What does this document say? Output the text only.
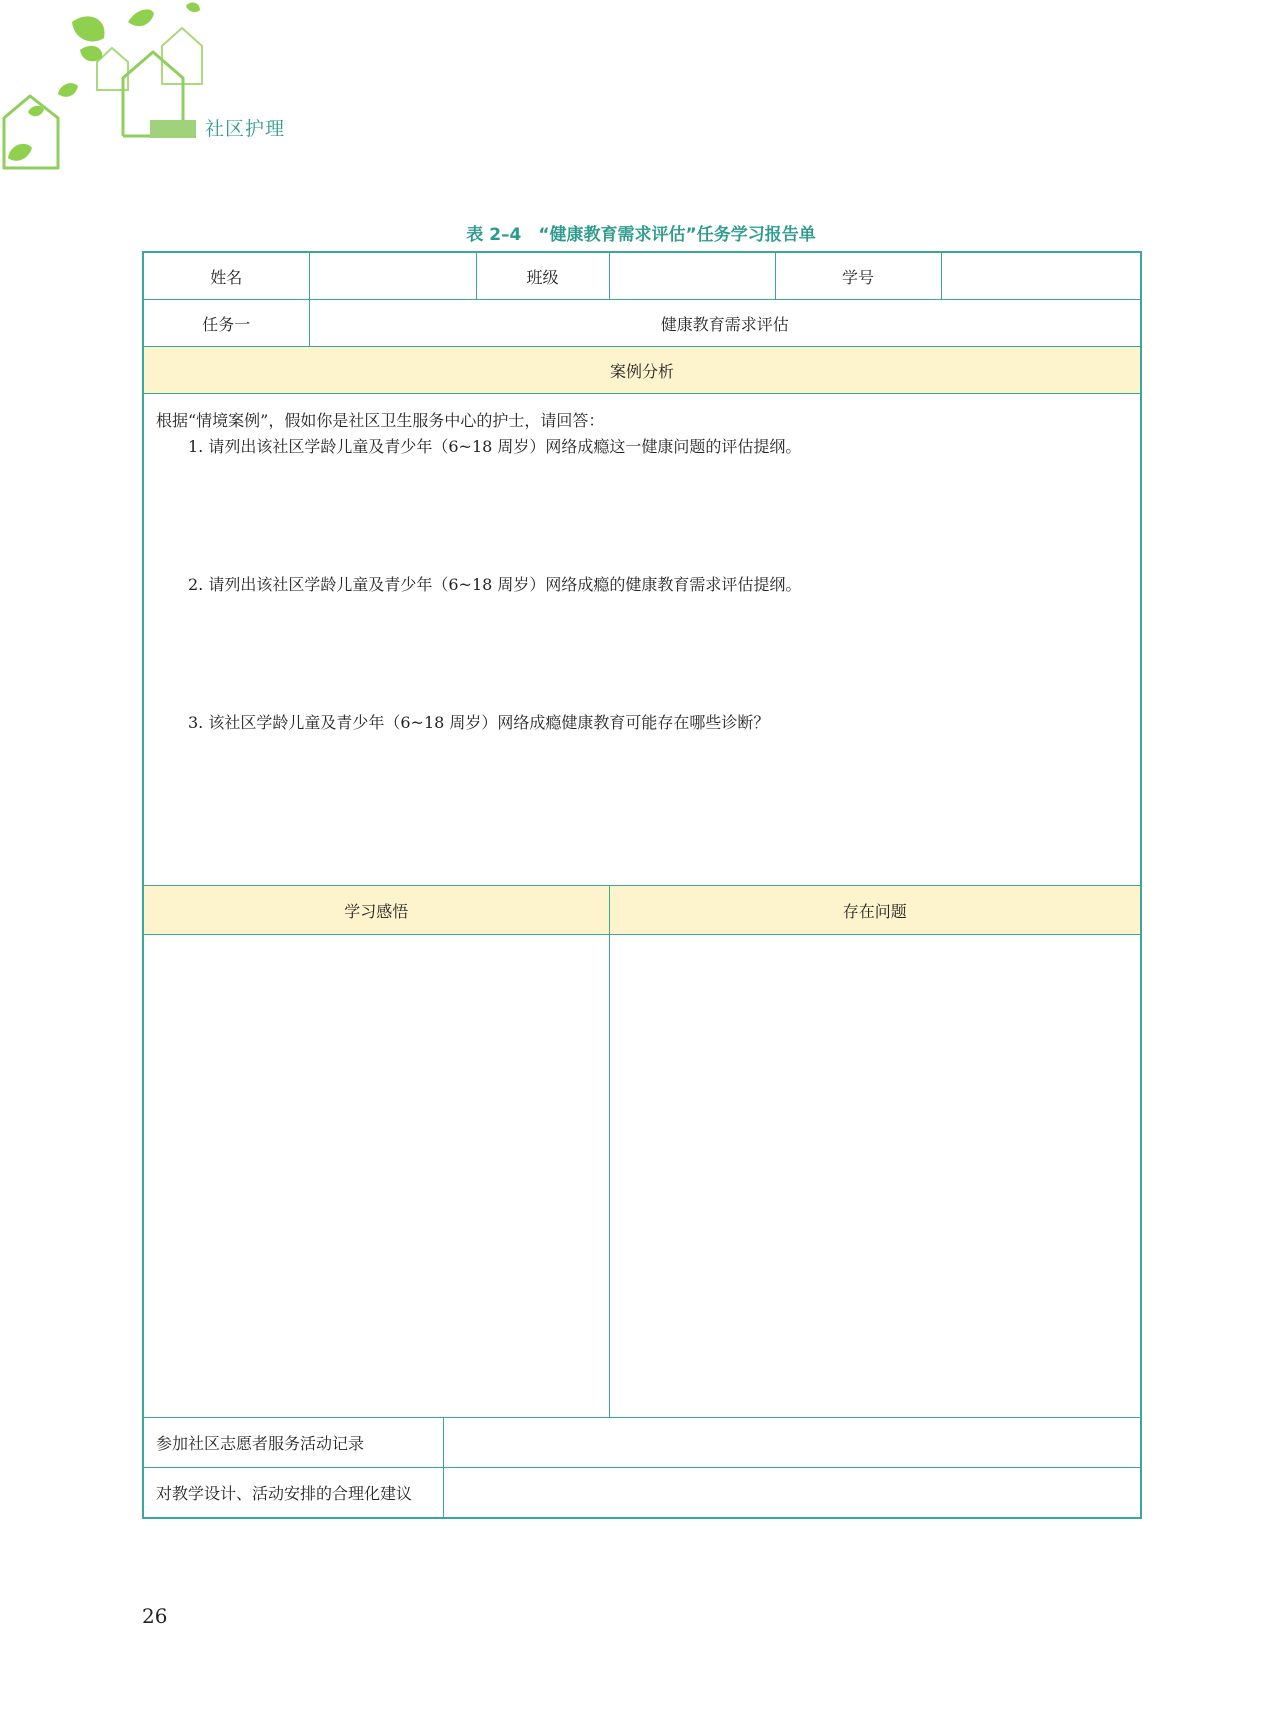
社区护理
表 2–4　“健康教育需求评估”任务学习报告单
姓名	班级			学号	

任务一	健康教育需求评估				
案例分析					

根据“情境案例”，假如你是社区卫生服务中心的护士，请回答：
1. 请列出该社区学龄儿童及青少年（6~18 周岁）网络成瘾这一健康问题的评估提纲。
2. 请列出该社区学龄儿童及青少年（6~18 周岁）网络成瘾的健康教育需求评估提纲。
3. 该社区学龄儿童及青少年（6~18 周岁）网络成瘾健康教育可能存在哪些诊断？					

学习感悟			存在问题		

参加社区志愿者服务活动记录					
对教学设计、活动安排的合理化建议					
26
